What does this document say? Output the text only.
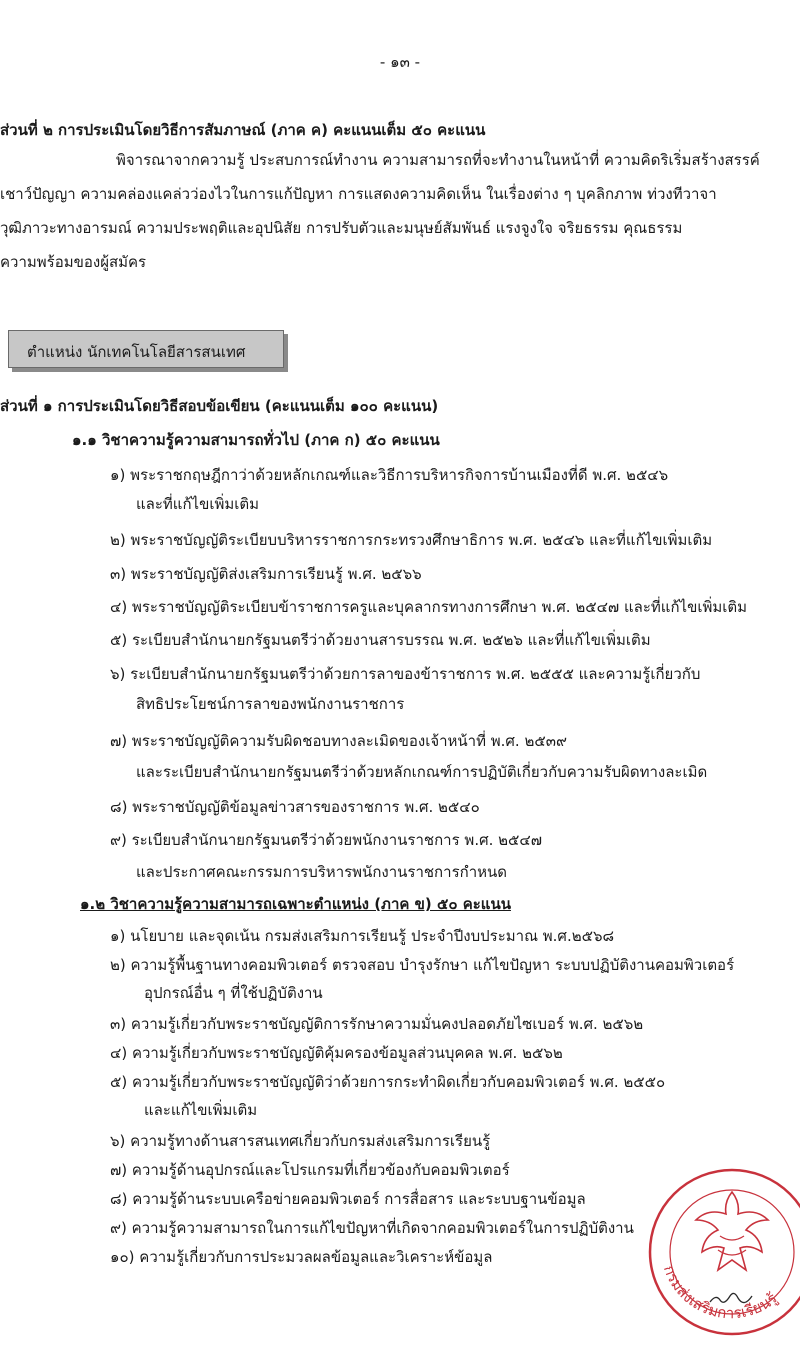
- ๑๓ -
ส่วนที่ ๒ การประเมินโดยวิธีการสัมภาษณ์ (ภาค ค) คะแนนเต็ม ๕๐ คะแนน
พิจารณาจากความรู้ ประสบการณ์ทำงาน ความสามารถที่จะทำงานในหน้าที่ ความคิดริเริ่มสร้างสรรค์
เชาว์ปัญญา ความคล่องแคล่วว่องไวในการแก้ปัญหา การแสดงความคิดเห็น ในเรื่องต่าง ๆ บุคลิกภาพ ท่วงทีวาจา
วุฒิภาวะทางอารมณ์ ความประพฤติและอุปนิสัย การปรับตัวและมนุษย์สัมพันธ์ แรงจูงใจ จริยธรรม คุณธรรม
ความพร้อมของผู้สมัคร
ตำแหน่ง นักเทคโนโลยีสารสนเทศ
ส่วนที่ ๑ การประเมินโดยวิธีสอบข้อเขียน (คะแนนเต็ม ๑๐๐ คะแนน)
๑.๑ วิชาความรู้ความสามารถทั่วไป (ภาค ก) ๕๐ คะแนน
๑) พระราชกฤษฎีกาว่าด้วยหลักเกณฑ์และวิธีการบริหารกิจการบ้านเมืองที่ดี พ.ศ. ๒๕๔๖
และที่แก้ไขเพิ่มเติม
๒) พระราชบัญญัติระเบียบบริหารราชการกระทรวงศึกษาธิการ พ.ศ. ๒๕๔๖ และที่แก้ไขเพิ่มเติม
๓) พระราชบัญญัติส่งเสริมการเรียนรู้ พ.ศ. ๒๕๖๖
๔) พระราชบัญญัติระเบียบข้าราชการครูและบุคลากรทางการศึกษา พ.ศ. ๒๕๔๗ และที่แก้ไขเพิ่มเติม
๕) ระเบียบสำนักนายกรัฐมนตรีว่าด้วยงานสารบรรณ พ.ศ. ๒๕๒๖ และที่แก้ไขเพิ่มเติม
๖) ระเบียบสำนักนายกรัฐมนตรีว่าด้วยการลาของข้าราชการ พ.ศ. ๒๕๕๕ และความรู้เกี่ยวกับ
สิทธิประโยชน์การลาของพนักงานราชการ
๗) พระราชบัญญัติความรับผิดชอบทางละเมิดของเจ้าหน้าที่ พ.ศ. ๒๕๓๙
และระเบียบสำนักนายกรัฐมนตรีว่าด้วยหลักเกณฑ์การปฏิบัติเกี่ยวกับความรับผิดทางละเมิด
๘) พระราชบัญญัติข้อมูลข่าวสารของราชการ พ.ศ. ๒๕๔๐
๙) ระเบียบสำนักนายกรัฐมนตรีว่าด้วยพนักงานราชการ พ.ศ. ๒๕๔๗
และประกาศคณะกรรมการบริหารพนักงานราชการกำหนด
๑.๒ วิชาความรู้ความสามารถเฉพาะตำแหน่ง (ภาค ข) ๕๐ คะแนน
๑) นโยบาย และจุดเน้น กรมส่งเสริมการเรียนรู้ ประจำปีงบประมาณ พ.ศ.๒๕๖๘
๒) ความรู้พื้นฐานทางคอมพิวเตอร์ ตรวจสอบ บำรุงรักษา แก้ไขปัญหา ระบบปฏิบัติงานคอมพิวเตอร์
อุปกรณ์อื่น ๆ ที่ใช้ปฏิบัติงาน
๓) ความรู้เกี่ยวกับพระราชบัญญัติการรักษาความมั่นคงปลอดภัยไซเบอร์ พ.ศ. ๒๕๖๒
๔) ความรู้เกี่ยวกับพระราชบัญญัติคุ้มครองข้อมูลส่วนบุคคล พ.ศ. ๒๕๖๒
๕) ความรู้เกี่ยวกับพระราชบัญญัติว่าด้วยการกระทำผิดเกี่ยวกับคอมพิวเตอร์ พ.ศ. ๒๕๕๐
และแก้ไขเพิ่มเติม
๖) ความรู้ทางด้านสารสนเทศเกี่ยวกับกรมส่งเสริมการเรียนรู้
๗) ความรู้ด้านอุปกรณ์และโปรแกรมที่เกี่ยวข้องกับคอมพิวเตอร์
๘) ความรู้ด้านระบบเครือข่ายคอมพิวเตอร์ การสื่อสาร และระบบฐานข้อมูล
๙) ความรู้ความสามารถในการแก้ไขปัญหาที่เกิดจากคอมพิวเตอร์ในการปฏิบัติงาน
๑๐) ความรู้เกี่ยวกับการประมวลผลข้อมูลและวิเคราะห์ข้อมูล
กรมส่งเสริมการเรียนรู้
